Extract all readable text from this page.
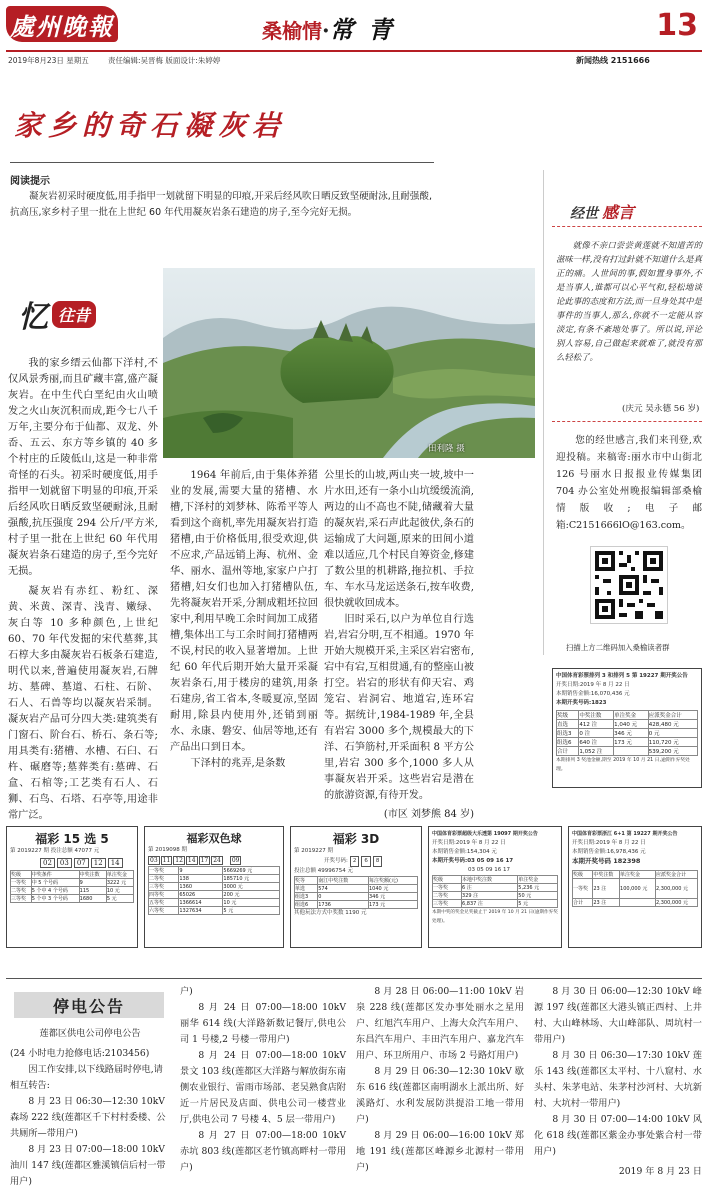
處州晚報	桑榆情 · 常 青	13
2019年8月23日 星期五	责任编辑:吴晋梅 版面设计:朱婷婷	新闻热线 2151666
家乡的奇石凝灰岩
阅读提示
凝灰岩初采时硬度低,用手指甲一划就留下明显的印痕,开采后经风吹日晒反致坚硬耐泳,且耐强酸,抗高压,家乡村子里一批在上世纪 60 年代用凝灰岩条石建造的房子,至今完好无损。	经世 感言
就像不亲口尝尝黄莲就不知道苦的滋味一样,没有打过針就不知道什么是真正的痛。人世间的事,假如置身事外,不是当事人,谁都可以心平气和,轻松地谈论此事的态度和方法,而一旦身处其中是事件的当事人,那么,你就不一定能从容淡定,有条不紊地处事了。所以说,评论别人容易,自己做起来就难了,就没有那么轻松了。
(庆元 吴永德 56 岁)
您的经世感言,我们来刊登,欢迎投稿。来稿寄:丽水市中山街北 126 号丽水日报报业传媒集团 704 办公室处州晚报编辑部桑榆情版收;电子邮箱:C2151666lO@163.com。
扫描上方二维码加入桑榆读者群
田利隆 摄
忆 往昔
我的家乡缙云仙都下洋村,不仅风景秀丽,而且矿藏丰富,盛产凝灰岩。在中生代白垩纪由火山喷发之火山灰沉积而成,距今七八千万年,主要分布于仙都、双龙、外岙、五云、东方等乡镇的 40 多个村庄的丘陵低山,这是一种非常奇怪的石头。初采时硬度低,用手指甲一划就留下明显的印痕,开采后经风吹日晒反致坚硬耐泳,且耐强酸,抗压强度 294 公斤/平方米,村子里一批在上世纪 60 年代用凝灰岩条石建造的房子,至今完好无损。
凝灰岩有赤红、粉红、深黄、米黄、深青、浅青、嫩绿、灰白等 10 多种颜色,上世纪 60、70 年代发掘的宋代墓葬,其石椁大多由凝灰岩石板条石建造,明代以来,普遍使用凝灰岩,石牌坊、墓碑、墓道、石柱、石阶、石人、石兽等均以凝灰岩采制。凝灰岩产品可分四大类:建筑类有门窗石、阶台石、桥石、条石等;用具类有:猪槽、水槽、石臼、石杵、碾磨等;墓葬类有:墓碑、石盒、石棺等;工艺类有石人、石狮、石鸟、石塔、石亭等,用途非常广泛。
1964 年前后,由于集体养猪业的发展,需要大量的猪槽、水槽,下泽村的刘梦林、陈希平等人看到这个商机,率先用凝灰岩打造猪槽,由于价格低用,很受欢迎,供不应求,产品远销上海、杭州、金华、丽水、温州等地,家家户户打猪槽,妇女们也加入打猪槽队伍,先将凝灰岩开采,分割成粗坯拉回家中,利用早晚工余时间加工成猪槽,集体出工与工余时间打猪槽两不误,村民的收入显著增加。上世纪 60 年代后期开始大量开采凝灰岩条石,用于楼房的建筑,用条石建房,省工省本,冬暖夏凉,坚固耐用,除县内使用外,还销到丽水、永康、磐安、仙居等地,还有产品出口到日本。
下泽村的兆弄,是条数
公里长的山坡,两山夹一坡,坡中一片水田,还有一条小山坑缓缓流淌,两边的山不高也不陡,储藏着大量的凝灰岩,采石声此起彼伏,条石的运输成了大问题,原来的田间小道难以适应,几个村民自筹资金,修建了数公里的机耕路,拖拉机、手拉车、车水马龙运送条石,按车收费,很快就收回成本。
旧时采石,以户为单位自行选岩,岩宕分明,互不相通。1970 年开始大规模开采,主采区岩宕密布,宕中有宕,互相贯通,有的整座山被打空。岩宕的形状有仰天宕、鸡笼宕、岩洞宕、地道宕,连环宕等。据统计,1984-1989 年,全县有岩宕 3000 多个,规模最大的下洋、石笋筋村,开采面积 8 平方公里,岩宕 300 多个,1000 多人从事凝灰岩开采。这些岩宕是潜在的旅游资源,有待开发。
(市区 刘梦熊 84 岁)
中国体育彩票排列 3 和排列 5 第 19227 期开奖公告
开奖日期:2019 年 8 月 22 日
本期销售金额:16,070,436 元
本期开奖号码:1823
奖级	中奖注数	单注奖金	应派奖金合计
直选	412 注	1,040 元	428,480 元
组选3	0 注	346 元	0 元
组选6	640 注	173 元	110,720 元
合计	1,052 注		539,200 元
本期排列 3 奖池金额,期至 2019 年 10 月 21 日,逾期作弃奖处理。
福彩 15 选 5
第 2019227 期 投注总额 47077 元
02	03	07	12	14
奖级	中奖条件	中奖注数	单注奖金
一等奖	中 5 个号码	9	3222 元
二等奖	5 个中 4 个号码	115	10 元
三等奖	5 个中 3 个号码	1680	5 元
福彩双色球
第 2019098 期
03 11 12 14 17 24	09
一等奖	9	5669269 元
二等奖	138	185710 元
三等奖	1360	3000 元
四等奖	65026	200 元
五等奖	1366614	10 元
六等奖	1327634	5 元
福彩 3D
第 2019227 期
开奖号码: 2	6	8
投注总额 49996754 元
奖等	南江中奖注数	每注奖额(元)
单选	574	1040 元
组选3	0	346 元
组选6	1736	173 元
其他玩法方式中奖数 1190 元
中国体育彩票超级大乐透第 19097 期开奖公告
开奖日期:2019 年 8 月 22 日
本期销售金额:154,304 元
本期开奖号码:03 05 09 16 17
03 05 09 16 17
奖级	本地中奖注数	单注奖金
一等奖	6 注	5,236 元
二等奖	329 注	50 元
三等奖	6,837 注	5 元
本期中奖的奖金兑奖截止于 2019 年 10 月 21 日(逾期作弃奖处理)。
中国体育彩票浙江 6+1 第 19227 期开奖公告
开奖日期:2019 年 8 月 22 日
本期销售金额:16,978,436 元
本期开奖号码 182398
奖级	中奖注数	单注奖金	应派奖金合计
一等奖	23 注	100,000 元	2,300,000 元
合计	23 注		2,300,000 元
停电公告
莲都区供电公司停电公告
(24 小时电力抢修电话:2103456)
因工作安排,以下线路届时停电,请相互转告:
8 月 23 日 06:30—12:30 10kV 森场 222 线(莲都区千下村村委楼、公共厕所—带用户)
8 月 23 日 07:00—18:00 10kV 油川 147 线(莲都区雅溪镇信后村一带用户)
户)
8 月 24 日 07:00—18:00 10kV 丽华 614 线(大洋路新数记餐厅,供电公司 1 号楼,2 号楼一带用户)
8 月 24 日 07:00—18:00 10kV 景文 103 线(莲都区大洋路与解放街东南侧农业银行、雷雨市场部、老吴熟食店附近一片居民及店面、供电公司一楼营业厅,供电公司 7 号楼 4、5 层一带用户)
8 月 27 日 07:00—18:00 10kV 赤坑 803 线(莲都区老竹镇高畔村一带用户)
8 月 28 日 06:00—11:00 10kV 岩泉 228 线(莲都区发办事处丽水之星用户、红旭汽车用户、上海大众汽车用户、东昌汽车用户、丰田汽车用户、嘉龙汽车用户、环卫所用户、市场 2 号路灯用户)
8 月 29 日 06:30—12:30 10kV 歇东 616 线(莲都区南明湖水上派出所、好溪路灯、水利发展防洪提沿工地一带用户)
8 月 29 日 06:00—16:00 10kV 郑地 191 线(莲都区峰源乡北源村一带用户)
8 月 30 日 06:00—12:30 10kV 峰源 197 线(莲都区大港头镇正西村、上井村、大山峰林场、大山峰部队、周坑村一带用户)
8 月 30 日 06:30—17:30 10kV 莲乐 143 线(莲都区太平村、十八窟村、水头村、朱茅电站、朱茅村沙河村、大坑新村、大坑村一带用户)
8 月 30 日 07:00—14:00 10kV 风化 618 线(莲都区紫金办事处紫合村一带用户)
2019 年 8 月 23 日
